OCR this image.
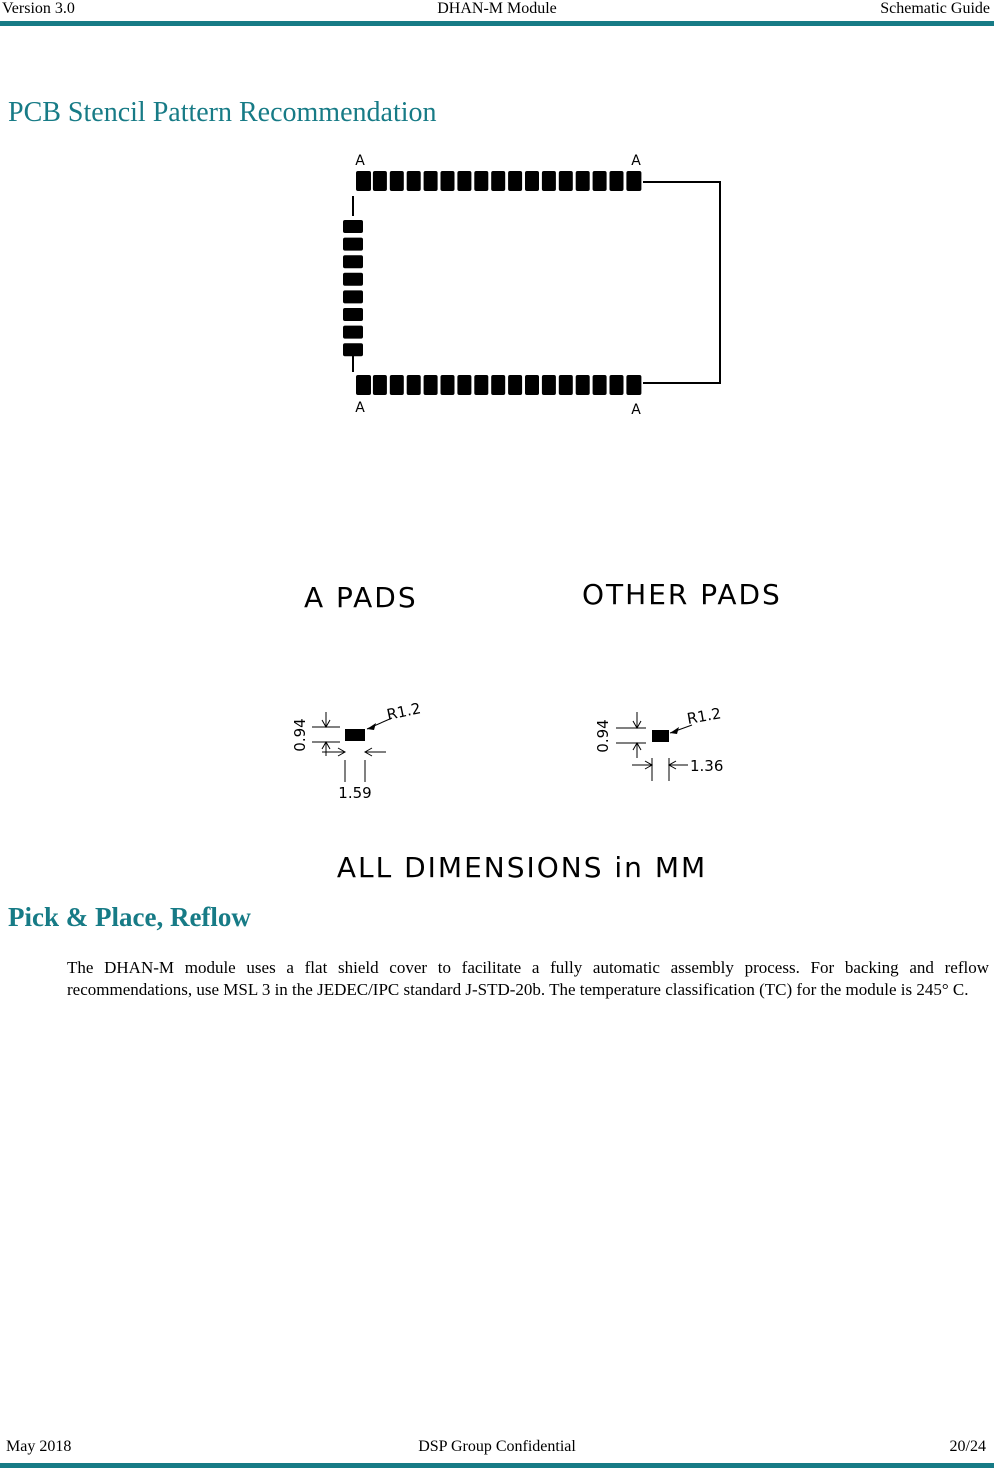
Version 3.0	DHAN-M Module	Schematic Guide
PCB Stencil Pattern Recommendation
A	A
A	A
A PADS	OTHER PADS
0.94
R1.2
1.59
0.94
R1.2
1.36
ALL DIMENSIONS in MM
Pick & Place, Reflow
The DHAN-M module uses a flat shield cover to facilitate a fully automatic assembly process. For backing and reflow recommendations, use MSL 3 in the JEDEC/IPC standard J-STD-20b. The temperature classification (TC) for the module is 245° C.
May 2018	DSP Group Confidential	20/24
